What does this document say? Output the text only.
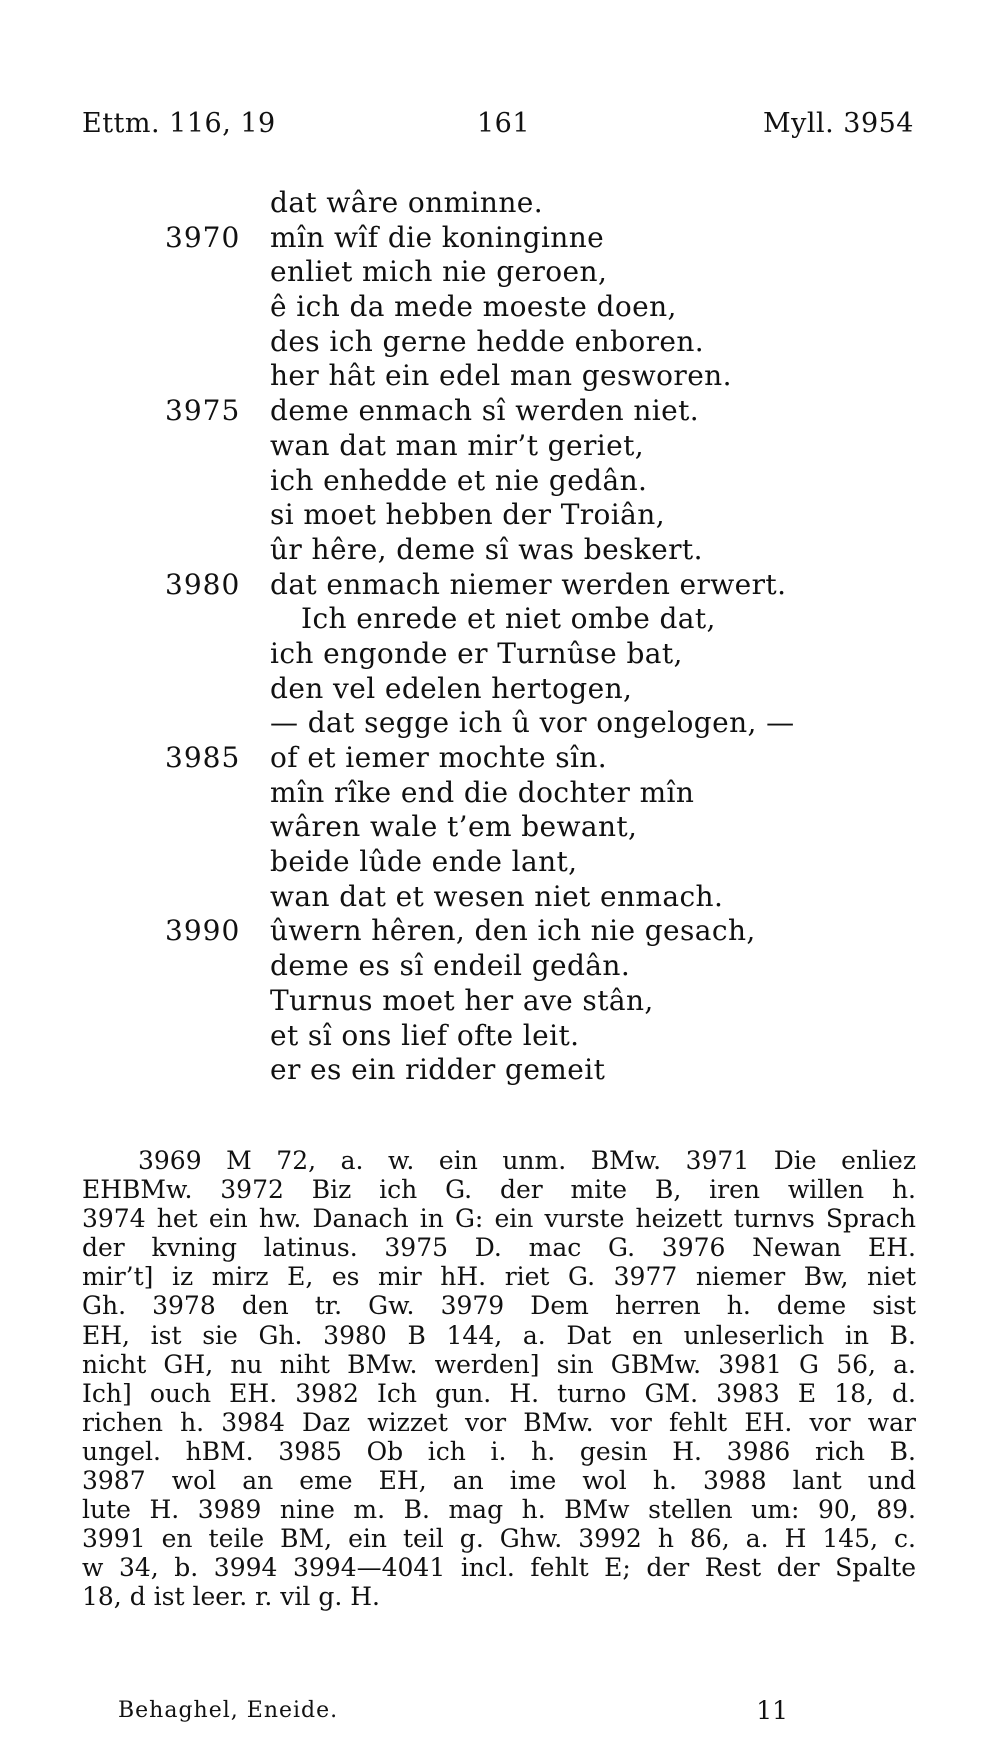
Ettm. 116, 19	161	Myll. 3954
dat wâre onminne.
3970 mîn wîf die koninginne
enliet mich nie geroen,
ê ich da mede moeste doen,
des ich gerne hedde enboren.
her hât ein edel man gesworen.
3975 deme enmach sî werden niet.
wan dat man mir’t geriet,
ich enhedde et nie gedân.
si moet hebben der Troiân,
ûr hêre, deme sî was beskert.
3980 dat enmach niemer werden erwert.
Ich enrede et niet ombe dat,
ich engonde er Turnûse bat,
den vel edelen hertogen,
— dat segge ich û vor ongelogen, —
3985 of et iemer mochte sîn.
mîn rîke end die dochter mîn
wâren wale t’em bewant,
beide lûde ende lant,
wan dat et wesen niet enmach.
3990 ûwern hêren, den ich nie gesach,
deme es sî endeil gedân.
Turnus moet her ave stân,
et sî ons lief ofte leit.
er es ein ridder gemeit
3969 M 72, a. w. ein unm. BMw. 3971 Die enliez
EHBMw. 3972 Biz ich G. der mite B, iren willen h.
3974 het ein hw. Danach in G: ein vurste heizett turnvs Sprach
der kvning latinus. 3975 D. mac G. 3976 Newan EH.
mir’t] iz mirz E, es mir hH. riet G. 3977 niemer Bw, niet
Gh. 3978 den tr. Gw. 3979 Dem herren h. deme sist
EH, ist sie Gh. 3980 B 144, a. Dat en unleserlich in B.
nicht GH, nu niht BMw. werden] sin GBMw. 3981 G 56, a.
Ich] ouch EH. 3982 Ich gun. H. turno GM. 3983 E 18, d.
richen h. 3984 Daz wizzet vor BMw. vor fehlt EH. vor war
ungel. hBM. 3985 Ob ich i. h. gesin H. 3986 rich B.
3987 wol an eme EH, an ime wol h. 3988 lant und
lute H. 3989 nine m. B. mag h. BMw stellen um: 90, 89.
3991 en teile BM, ein teil g. Ghw. 3992 h 86, a. H 145, c.
w 34, b. 3994 3994—4041 incl. fehlt E; der Rest der Spalte
18, d ist leer. r. vil g. H.
Behaghel, Eneide.	11
